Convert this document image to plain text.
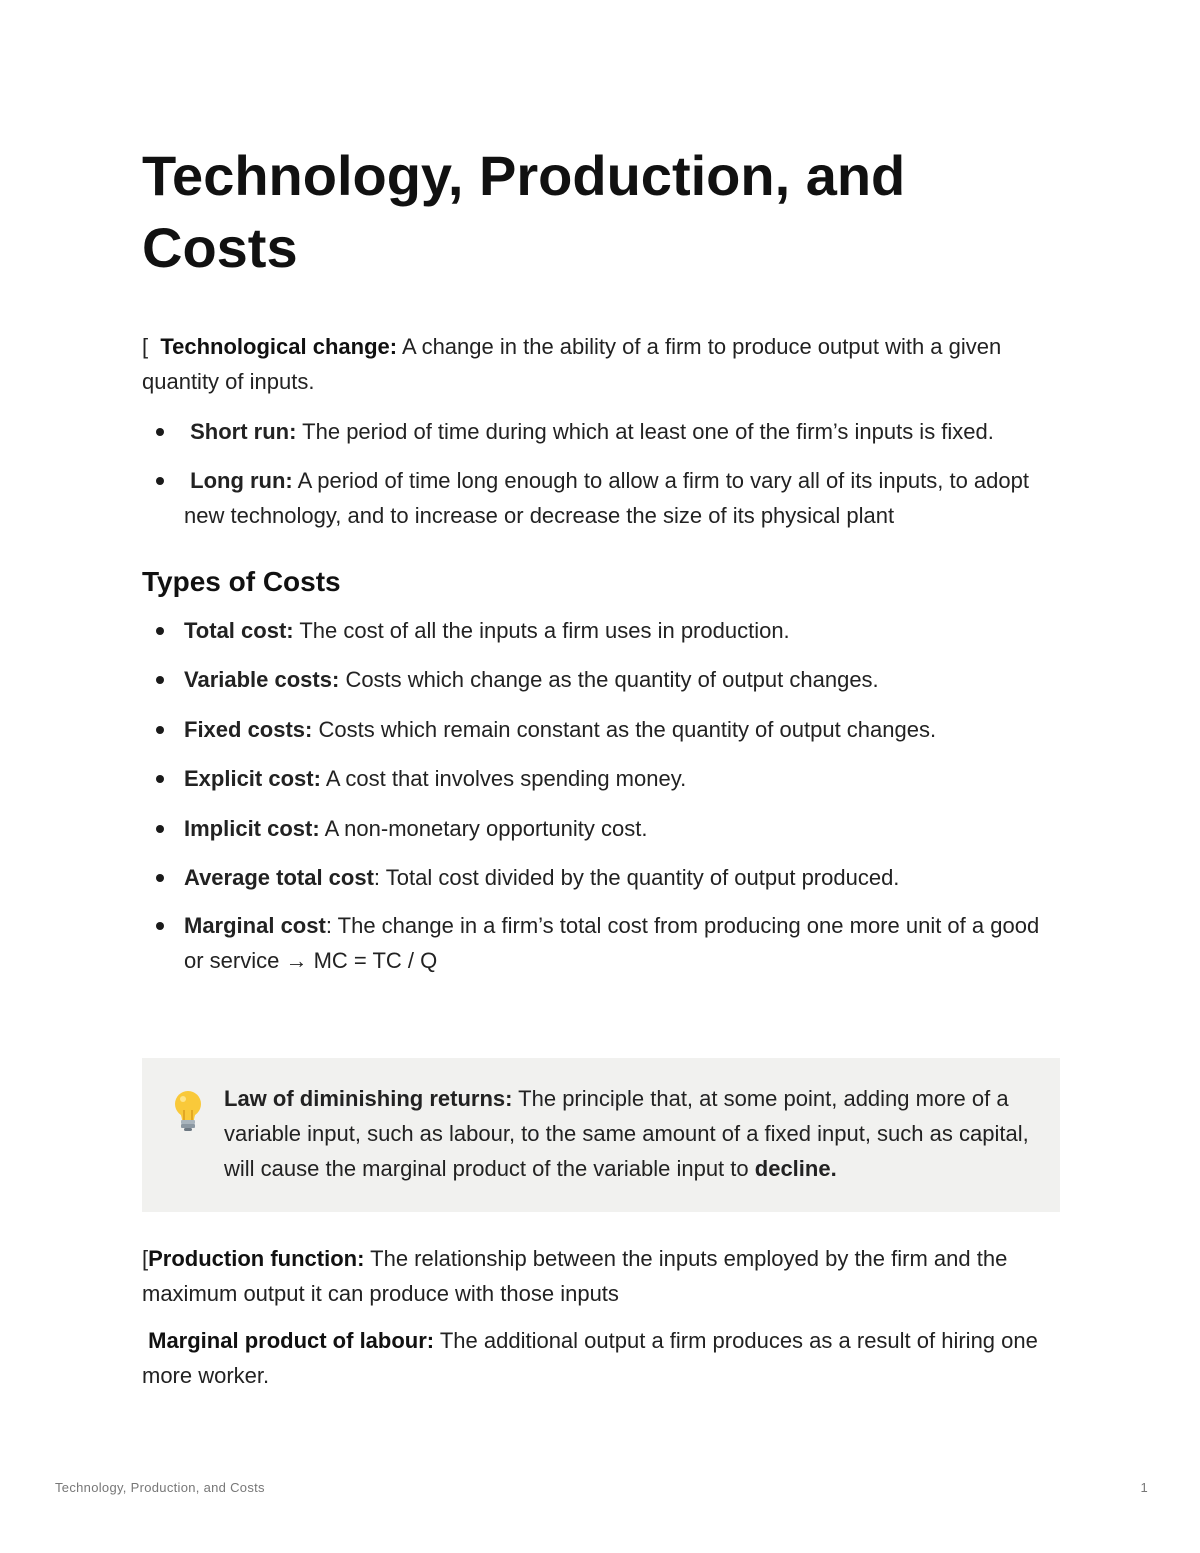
Technology, Production, and Costs

[  Technological change: A change in the ability of a firm to produce output with a given quantity of inputs.

Short run: The period of time during which at least one of the firm’s inputs is fixed.
Long run: A period of time long enough to allow a firm to vary all of its inputs, to adopt new technology, and to increase or decrease the size of its physical plant
Types of Costs
Total cost: The cost of all the inputs a firm uses in production.
Variable costs: Costs which change as the quantity of output changes.
Fixed costs: Costs which remain constant as the quantity of output changes.
Explicit cost: A cost that involves spending money.
Implicit cost: A non-monetary opportunity cost.
Average total cost: Total cost divided by the quantity of output produced.
Marginal cost: The change in a firm’s total cost from producing one more unit of a good or service → MC = TC / Q
Law of diminishing returns: The principle that, at some point, adding more of a variable input, such as labour, to the same amount of a fixed input, such as capital, will cause the marginal product of the variable input to decline.

[Production function: The relationship between the inputs employed by the firm and the maximum output it can produce with those inputs

Marginal product of labour: The additional output a firm produces as a result of hiring one more worker.

Technology, Production, and Costs	1
